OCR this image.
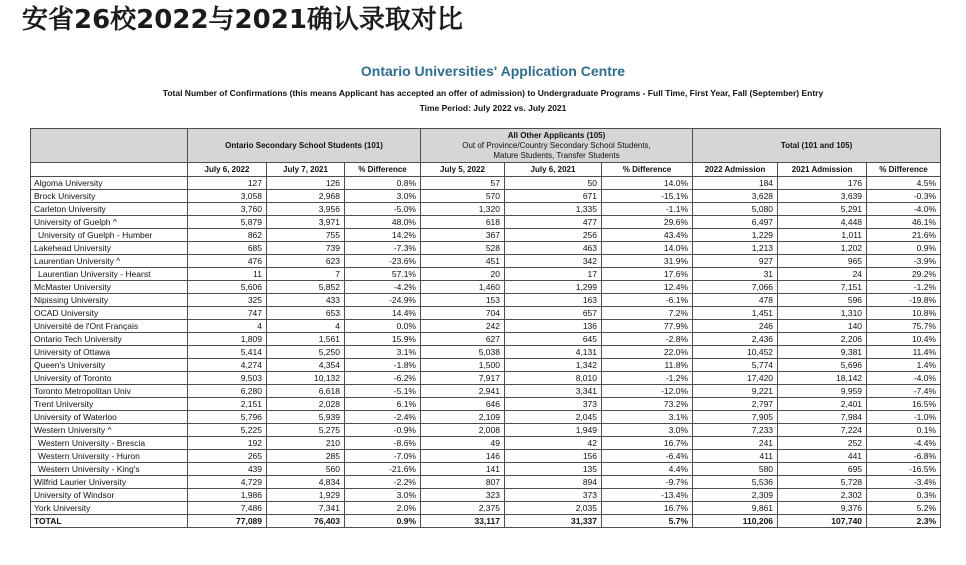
安省26校2022与2021确认录取对比
Ontario Universities' Application Centre
Total Number of Confirmations (this means Applicant has accepted an offer of admission) to Undergraduate Programs - Full Time, First Year, Fall (September) Entry
Time Period: July 2022 vs. July 2021
	Ontario Secondary School Students (101)			All Other Applicants (105)
Out of Province/Country Secondary School Students,
Mature Students, Transfer Students			Total (101 and 105)		
	July 6, 2022	July 7, 2021	% Difference	July 5, 2022	July 6, 2021	% Difference	2022 Admission	2021 Admission	% Difference
Algoma University	127	126	0.8%	57	50	14.0%	184	176	4.5%
Brock University	3,058	2,968	3.0%	570	671	-15.1%	3,628	3,639	-0.3%
Carleton University	3,760	3,956	-5.0%	1,320	1,335	-1.1%	5,080	5,291	-4.0%
University of Guelph ^	5,879	3,971	48.0%	618	477	29.6%	6,497	4,448	46.1%
University of Guelph - Humber	862	755	14.2%	367	256	43.4%	1,229	1,011	21.6%
Lakehead University	685	739	-7.3%	528	463	14.0%	1,213	1,202	0.9%
Laurentian University ^	476	623	-23.6%	451	342	31.9%	927	965	-3.9%
Laurentian University - Hearst	11	7	57.1%	20	17	17.6%	31	24	29.2%
McMaster University	5,606	5,852	-4.2%	1,460	1,299	12.4%	7,066	7,151	-1.2%
Nipissing University	325	433	-24.9%	153	163	-6.1%	478	596	-19.8%
OCAD University	747	653	14.4%	704	657	7.2%	1,451	1,310	10.8%
Université de l'Ont Français	4	4	0.0%	242	136	77.9%	246	140	75.7%
Ontario Tech University	1,809	1,561	15.9%	627	645	-2.8%	2,436	2,206	10.4%
University of Ottawa	5,414	5,250	3.1%	5,038	4,131	22.0%	10,452	9,381	11.4%
Queen's University	4,274	4,354	-1.8%	1,500	1,342	11.8%	5,774	5,696	1.4%
University of Toronto	9,503	10,132	-6.2%	7,917	8,010	-1.2%	17,420	18,142	-4.0%
Toronto Metropolitan Univ	6,280	6,618	-5.1%	2,941	3,341	-12.0%	9,221	9,959	-7.4%
Trent University	2,151	2,028	6.1%	646	373	73.2%	2,797	2,401	16.5%
University of Waterloo	5,796	5,939	-2.4%	2,109	2,045	3.1%	7,905	7,984	-1.0%
Western University ^	5,225	5,275	-0.9%	2,008	1,949	3.0%	7,233	7,224	0.1%
Western University - Brescia	192	210	-8.6%	49	42	16.7%	241	252	-4.4%
Western University - Huron	265	285	-7.0%	146	156	-6.4%	411	441	-6.8%
Western University - King's	439	560	-21.6%	141	135	4.4%	580	695	-16.5%
Wilfrid Laurier University	4,729	4,834	-2.2%	807	894	-9.7%	5,536	5,728	-3.4%
University of Windsor	1,986	1,929	3.0%	323	373	-13.4%	2,309	2,302	0.3%
York University	7,486	7,341	2.0%	2,375	2,035	16.7%	9,861	9,376	5.2%
TOTAL	77,089	76,403	0.9%	33,117	31,337	5.7%	110,206	107,740	2.3%
